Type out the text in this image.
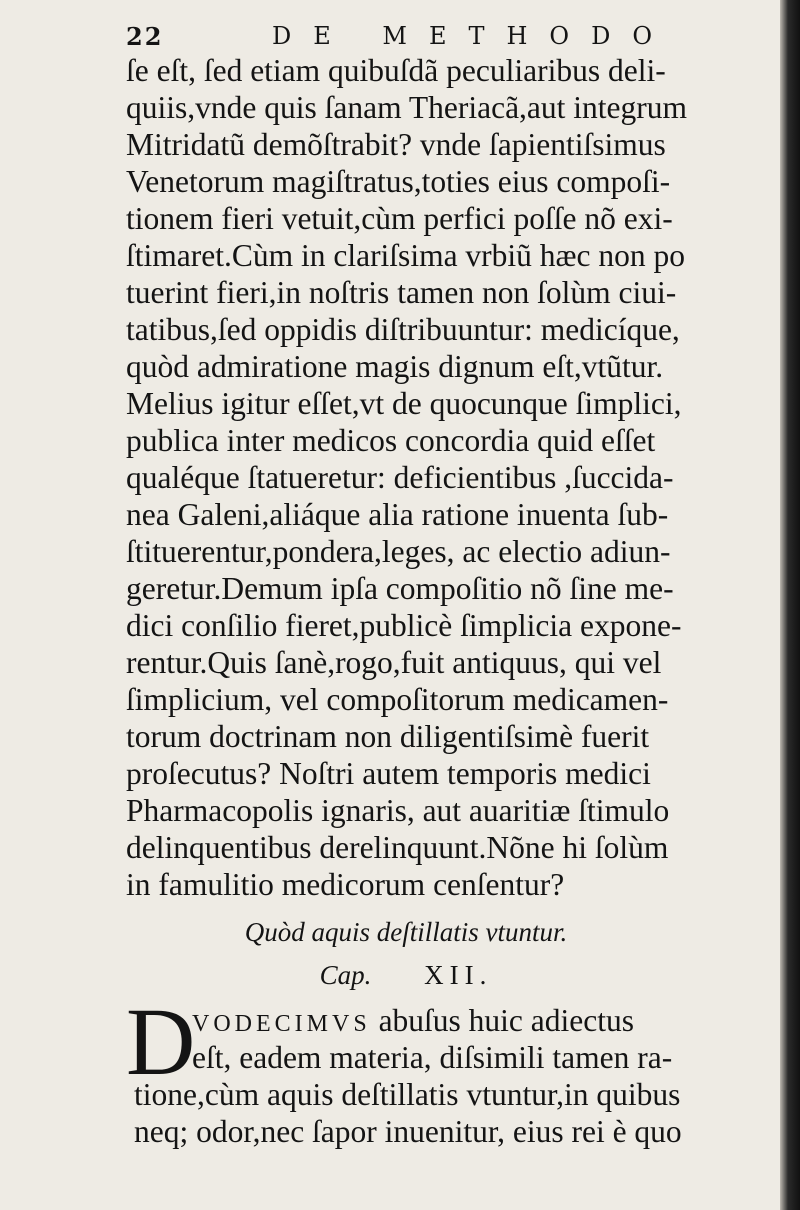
22	DE METHODO
ſe eſt, ſed etiam quibuſdã peculiaribus deli-
quiis,vnde quis ſanam Theriacã,aut integrum
Mitridatũ demõſtrabit? vnde ſapientiſsimus
Venetorum magiſtratus,toties eius compoſi-
tionem fieri vetuit,cùm perfici poſſe nõ exi-
ſtimaret.Cùm in clariſsima vrbiũ hæc non po
tuerint fieri,in noſtris tamen non ſolùm ciui-
tatibus,ſed oppidis diſtribuuntur: medicíque,
quòd admiratione magis dignum eſt,vtũtur.
Melius igitur eſſet,vt de quocunque ſimplici,
publica inter medicos concordia quid eſſet
qualéque ſtatueretur: deficientibus ,ſuccida-
nea Galeni,aliáque alia ratione inuenta ſub-
ſtituerentur,pondera,leges, ac electio adiun-
geretur.Demum ipſa compoſitio nõ ſine me-
dici conſilio fieret,publicè ſimplicia expone-
rentur.Quis ſanè,rogo,fuit antiquus, qui vel
ſimplicium, vel compoſitorum medicamen-
torum doctrinam non diligentiſsimè fuerit
proſecutus? Noſtri autem temporis medici
Pharmacopolis ignaris, aut auaritiæ ſtimulo
delinquentibus derelinquunt.Nõne hi ſolùm
in famulitio medicorum cenſentur?
Quòd aquis deſtillatis vtuntur.
Cap. XII.
D
VODECIMVS abuſus huic adiectus
eſt, eadem materia, diſsimili tamen ra-
tione,cùm aquis deſtillatis vtuntur,in quibus
neq; odor,nec ſapor inuenitur, eius rei è quo
